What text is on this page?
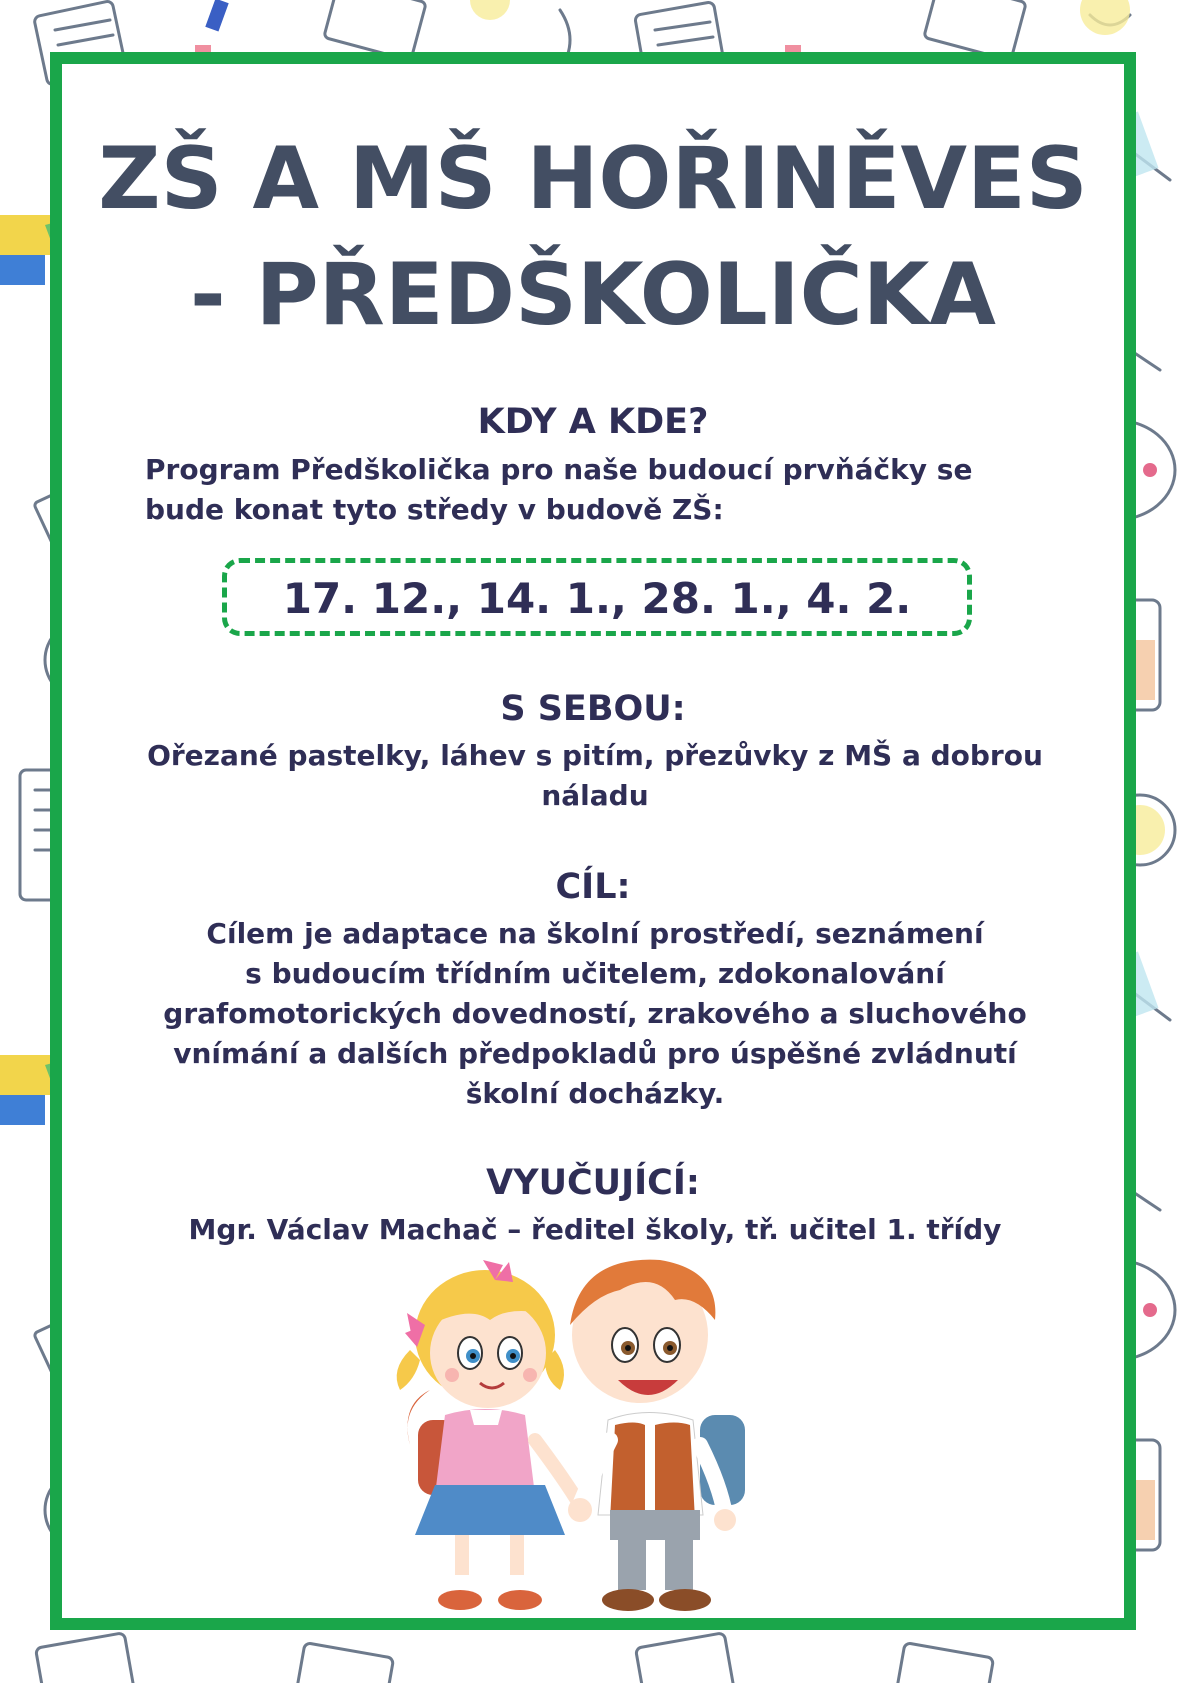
ZŠ A MŠ HOŘINĚVES
- PŘEDŠKOLIČKA
KDY A KDE?
Program Předškolička pro naše budoucí prvňáčky se
bude konat tyto středy v budově ZŠ:
17. 12., 14. 1., 28. 1., 4. 2.
S SEBOU:
Ořezané pastelky, láhev s pitím, přezůvky z MŠ a dobrou
náladu
CÍL:
Cílem je adaptace na školní prostředí, seznámení
s budoucím třídním učitelem, zdokonalování
grafomotorických dovedností, zrakového a sluchového
vnímání a dalších předpokladů pro úspěšné zvládnutí
školní docházky.
VYUČUJÍCÍ:
Mgr. Václav Machač – ředitel školy, tř. učitel 1. třídy
